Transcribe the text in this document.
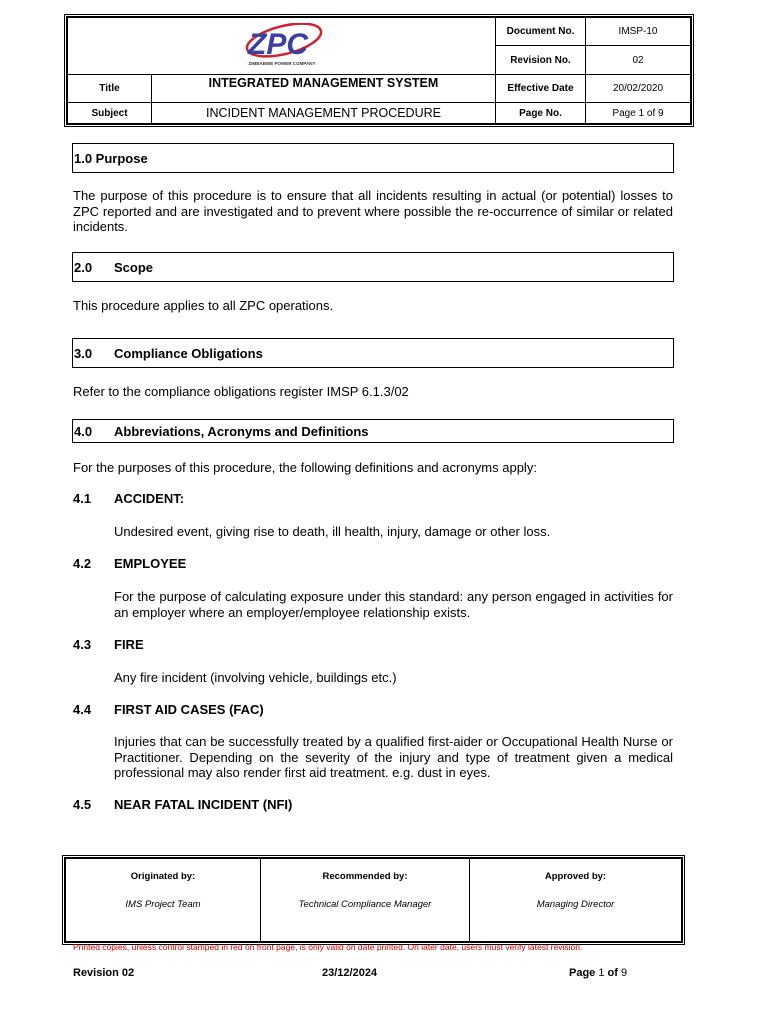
ZPC
ZIMBABWE POWER COMPANY		Document No.	IMSP-10
		Revision No.	02
Title	INTEGRATED MANAGEMENT SYSTEM	Effective Date	20/02/2020
Subject	INCIDENT MANAGEMENT PROCEDURE	Page No.	Page 1 of 9
1.0 Purpose
The purpose of this procedure is to ensure that all incidents resulting in actual (or potential) losses to ZPC reported and are investigated and to prevent where possible the re-occurrence of similar or related incidents.
2.0	Scope
This procedure applies to all ZPC operations.
3.0	Compliance Obligations
Refer to the compliance obligations register IMSP 6.1.3/02
4.0	Abbreviations, Acronyms and Definitions
For the purposes of this procedure, the following definitions and acronyms apply:
4.1 ACCIDENT:
Undesired event, giving rise to death, ill health, injury, damage or other loss.
4.2 EMPLOYEE
For the purpose of calculating exposure under this standard: any person engaged in activities for an employer where an employer/employee relationship exists.
4.3 FIRE
Any fire incident (involving vehicle, buildings etc.)
4.4 FIRST AID CASES (FAC)
Injuries that can be successfully treated by a qualified first-aider or Occupational Health Nurse or Practitioner. Depending on the severity of the injury and type of treatment given a medical professional may also render first aid treatment. e.g. dust in eyes.
4.5 NEAR FATAL INCIDENT (NFI)
Originated by:
IMS Project Team

Recommended by:
Technical Compliance Manager

Approved by:
Managing Director
Printed copies, unless control stamped in red on front page, is only valid on date printed. On later date, users must verify latest revision.
Revision 02	23/12/2024	Page 1 of 9
